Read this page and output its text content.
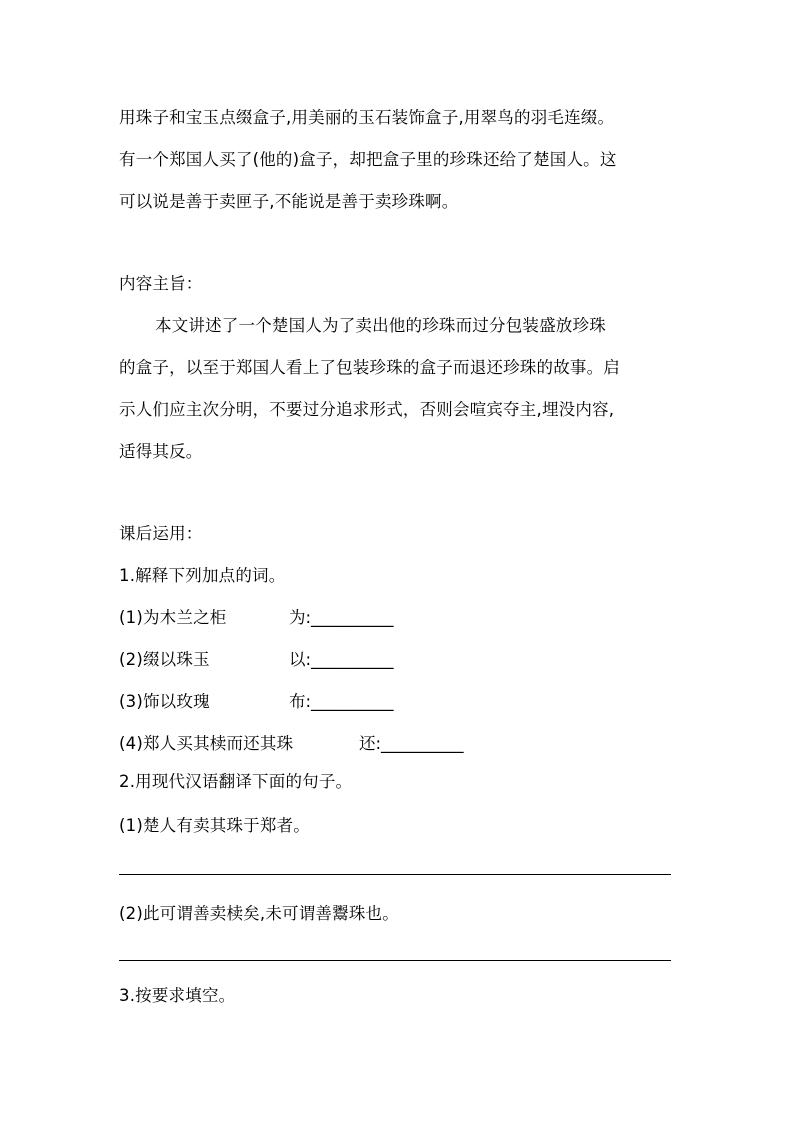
用珠子和宝玉点缀盒子,用美丽的玉石装饰盒子,用翠鸟的羽毛连缀。
有一个郑国人买了(他的)盒子，却把盒子里的珍珠还给了楚国人。这
可以说是善于卖匣子,不能说是善于卖珍珠啊。
内容主旨：
本文讲述了一个楚国人为了卖出他的珍珠而过分包装盛放珍珠
的盒子，以至于郑国人看上了包装珍珠的盒子而退还珍珠的故事。启
示人们应主次分明，不要过分追求形式，否则会喧宾夺主,埋没内容,
适得其反。
课后运用：
1.解释下列加点的词。
(1)为木兰之柜	为:__________
(2)缀以珠玉	以:__________
(3)饰以玫瑰	布:__________
(4)郑人买其椟而还其珠	还:__________
2.用现代汉语翻译下面的句子。
(1)楚人有卖其珠于郑者。
(2)此可谓善卖椟矣,未可谓善鬻珠也。
3.按要求填空。
